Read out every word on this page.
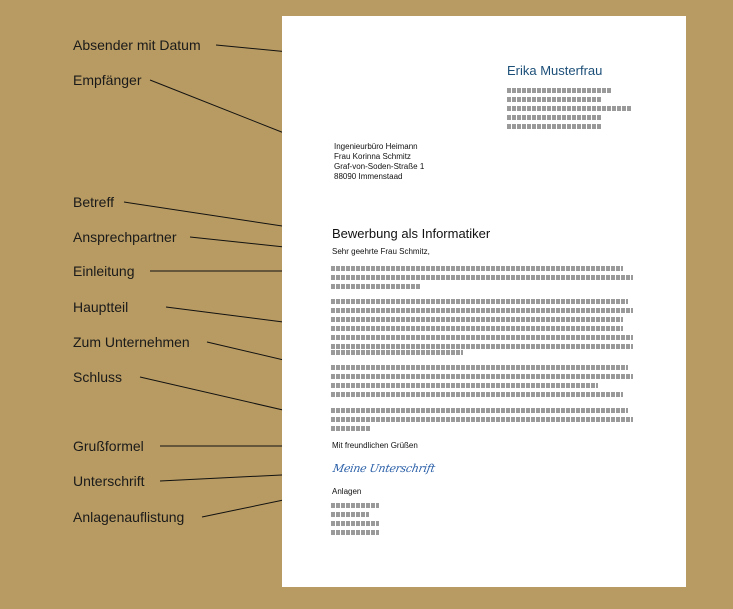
Absender mit Datum
Empfänger
Betreff
Ansprechpartner
Einleitung
Hauptteil
Zum Unternehmen
Schluss
Grußformel
Unterschrift
Anlagenauflistung
Erika Musterfrau
Ingenieurbüro Heimann
Frau Korinna Schmitz
Graf-von-Soden-Straße 1
88090 Immenstaad
Bewerbung als Informatiker
Sehr geehrte Frau Schmitz,
Mit freundlichen Grüßen
Meine Unterschrift
Anlagen
